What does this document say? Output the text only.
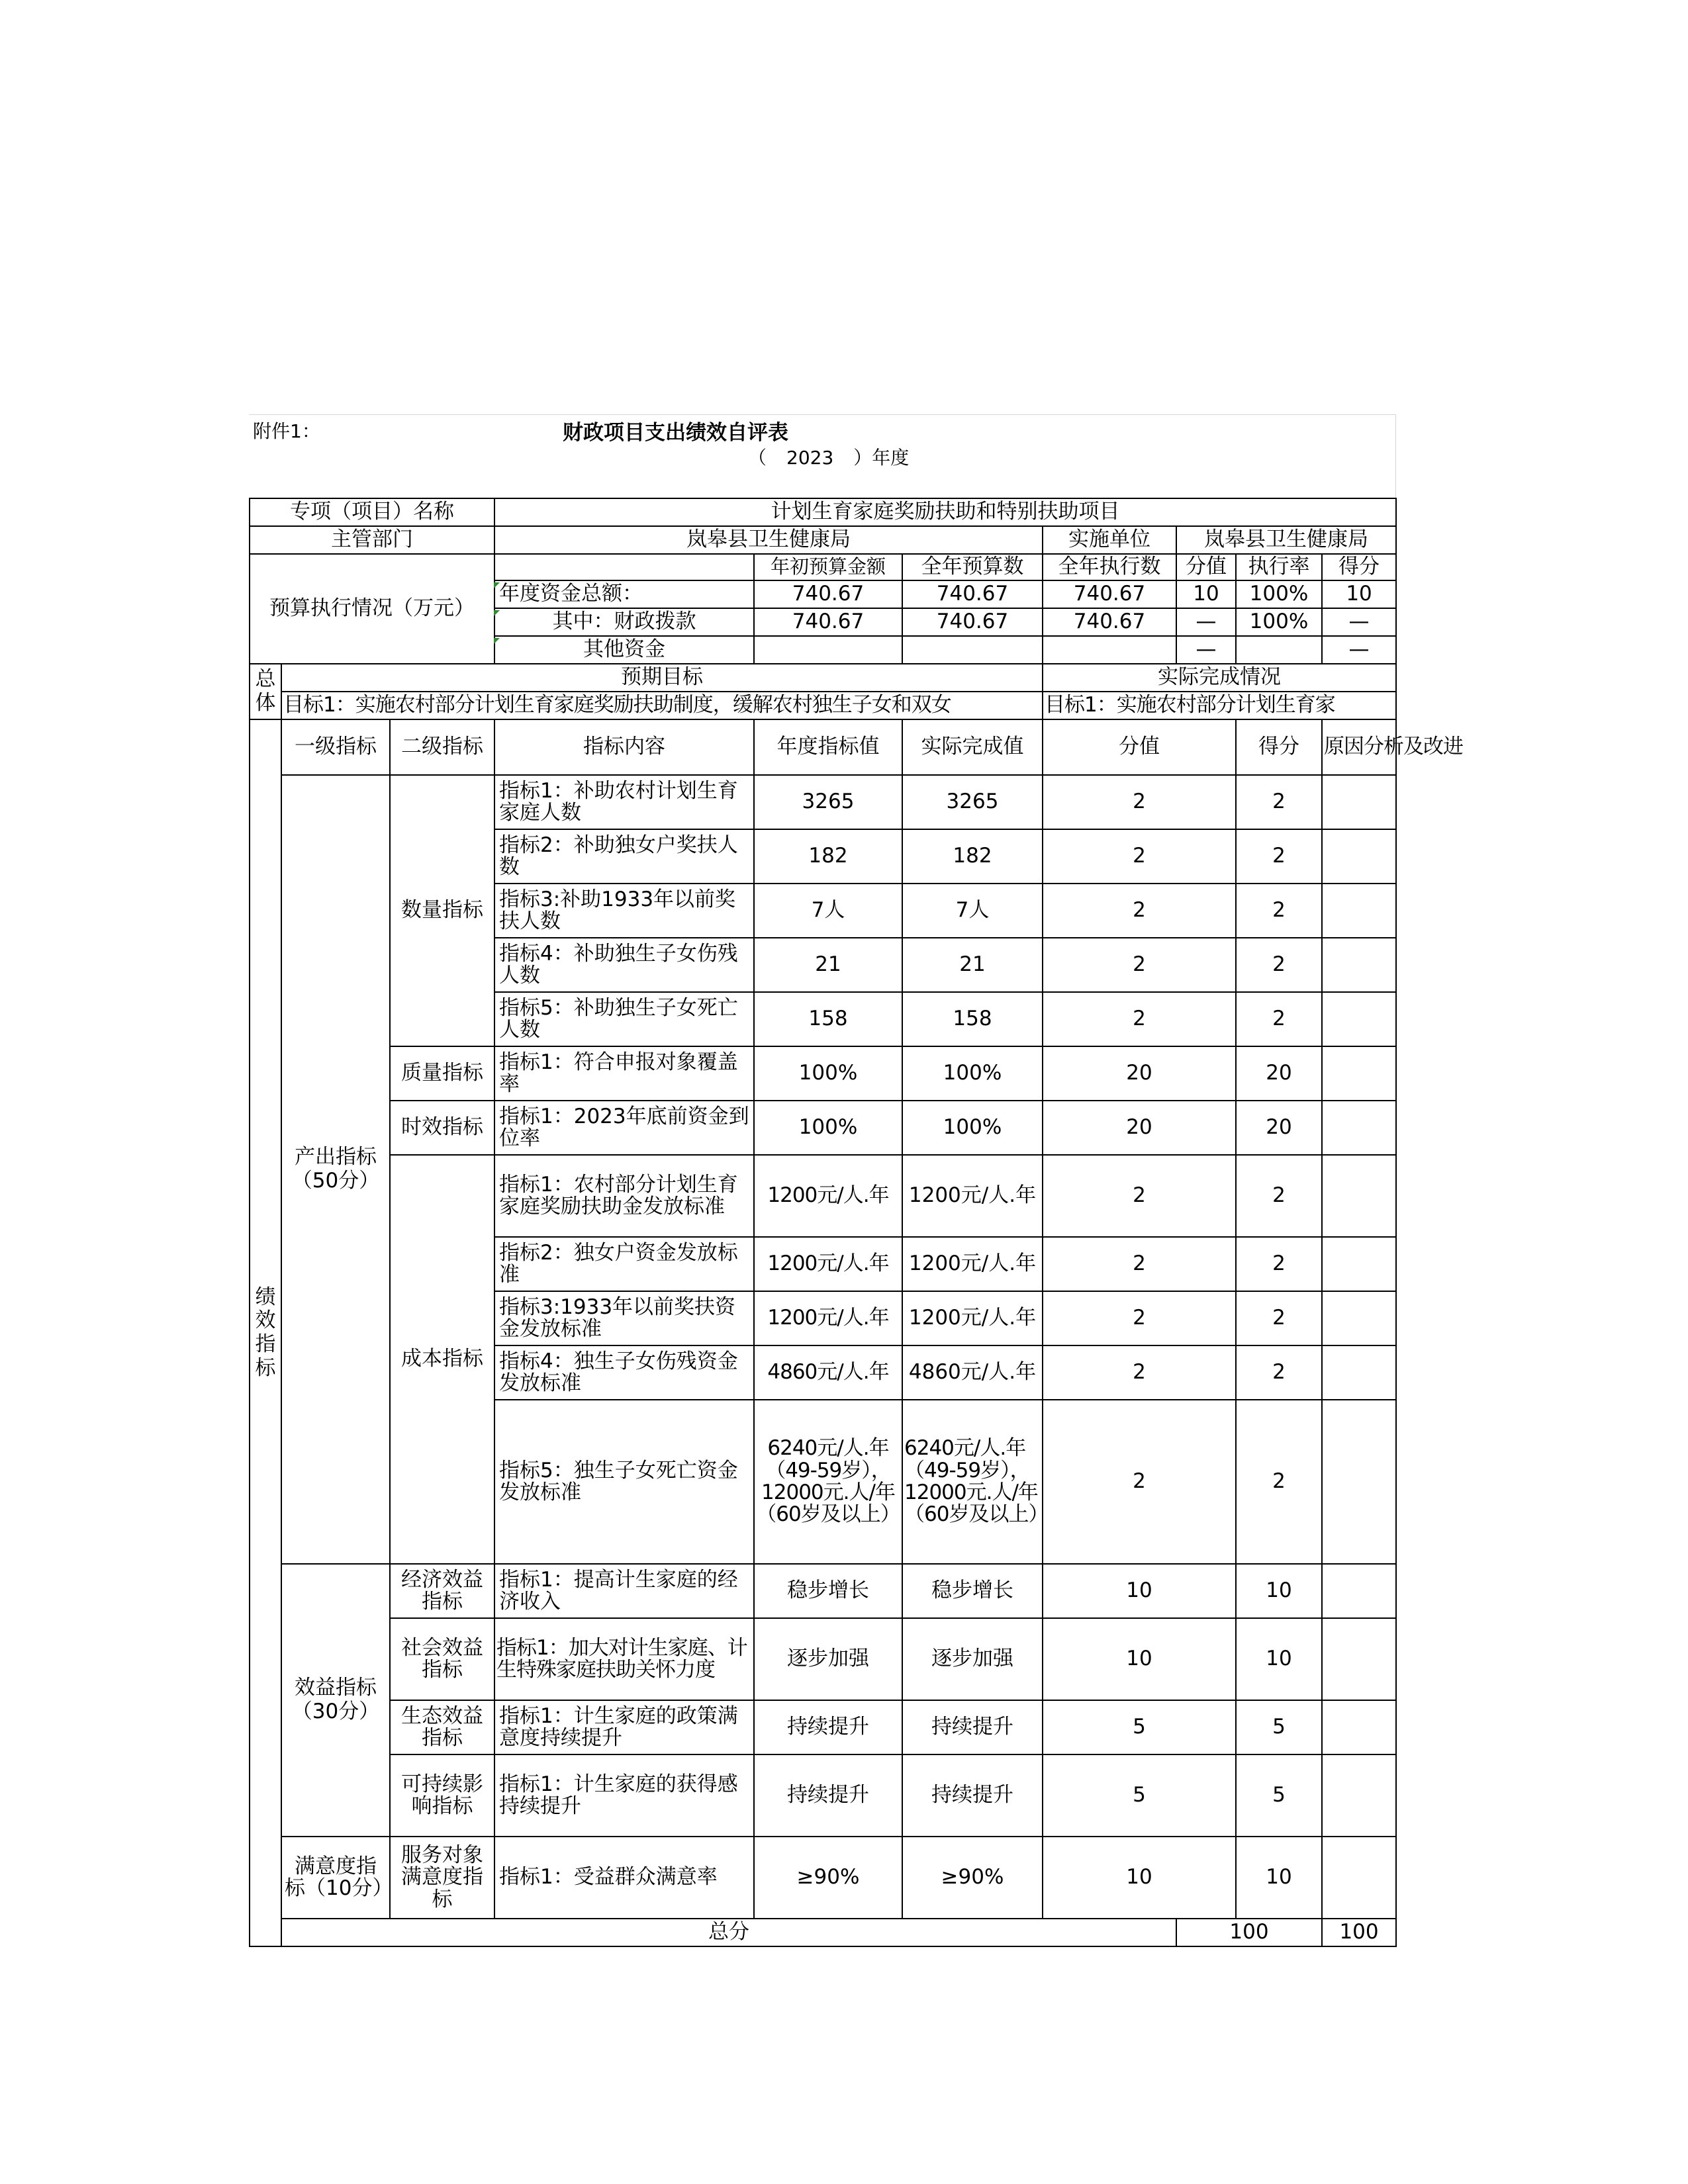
附件1：	财政项目支出绩效自评表
（ 2023 ）年度
专项（项目）名称			计划生育家庭奖励扶助和特别扶助项目							
主管部门			岚皋县卫生健康局			实施单位	岚皋县卫生健康局			
预算执行情况（万元）				年初预算金额	全年预算数	全年执行数	分值	执行率	得分	
			年度资金总额：	740.67	740.67	740.67	10	100%	10	
			其中：财政拨款	740.67	740.67	740.67	—	100%	—	
			其他资金				—		—	
总体	预期目标					实际完成情况				
	目标1：实施农村部分计划生育家庭奖励扶助制度，缓解农村独生子女和双女					目标1：实施农村部分计划生育家				
绩效指标	一级指标	二级指标	指标内容	年度指标值	实际完成值	分值		得分	原因分析及改进	
	产出指标（50分）	数量指标	指标1：补助农村计划生育家庭人数	3265	3265	2		2		
			指标2：补助独女户奖扶人数	182	182	2		2		
			指标3:补助1933年以前奖扶人数	7人	7人	2		2		
			指标4：补助独生子女伤残人数	21	21	2		2		
			指标5：补助独生子女死亡人数	158	158	2		2		
		质量指标	指标1：符合申报对象覆盖率	100%	100%	20		20		
		时效指标	指标1：2023年底前资金到位率	100%	100%	20		20		
		成本指标	指标1：农村部分计划生育家庭奖励扶助金发放标准	1200元/人.年	1200元/人.年	2		2		
			指标2：独女户资金发放标准	1200元/人.年	1200元/人.年	2		2		
			指标3:1933年以前奖扶资金发放标准	1200元/人.年	1200元/人.年	2		2		
			指标4：独生子女伤残资金发放标准	4860元/人.年	4860元/人.年	2		2		
			指标5：独生子女死亡资金发放标准	6240元/人.年（49-59岁），12000元.人/年（60岁及以上）	6240元/人.年（49-59岁），12000元.人/年（60岁及以上）	2		2		
	效益指标（30分）	经济效益指标	指标1：提高计生家庭的经济收入	稳步增长	稳步增长	10		10		
		社会效益指标	指标1：加大对计生家庭、计生特殊家庭扶助关怀力度	逐步加强	逐步加强	10		10		
		生态效益指标	指标1：计生家庭的政策满意度持续提升	持续提升	持续提升	5		5		
		可持续影响指标	指标1：计生家庭的获得感持续提升	持续提升	持续提升	5		5		
	满意度指标（10分）	服务对象满意度指标	指标1：受益群众满意率	≥90%	≥90%	10		10		
	总分						100		100	
